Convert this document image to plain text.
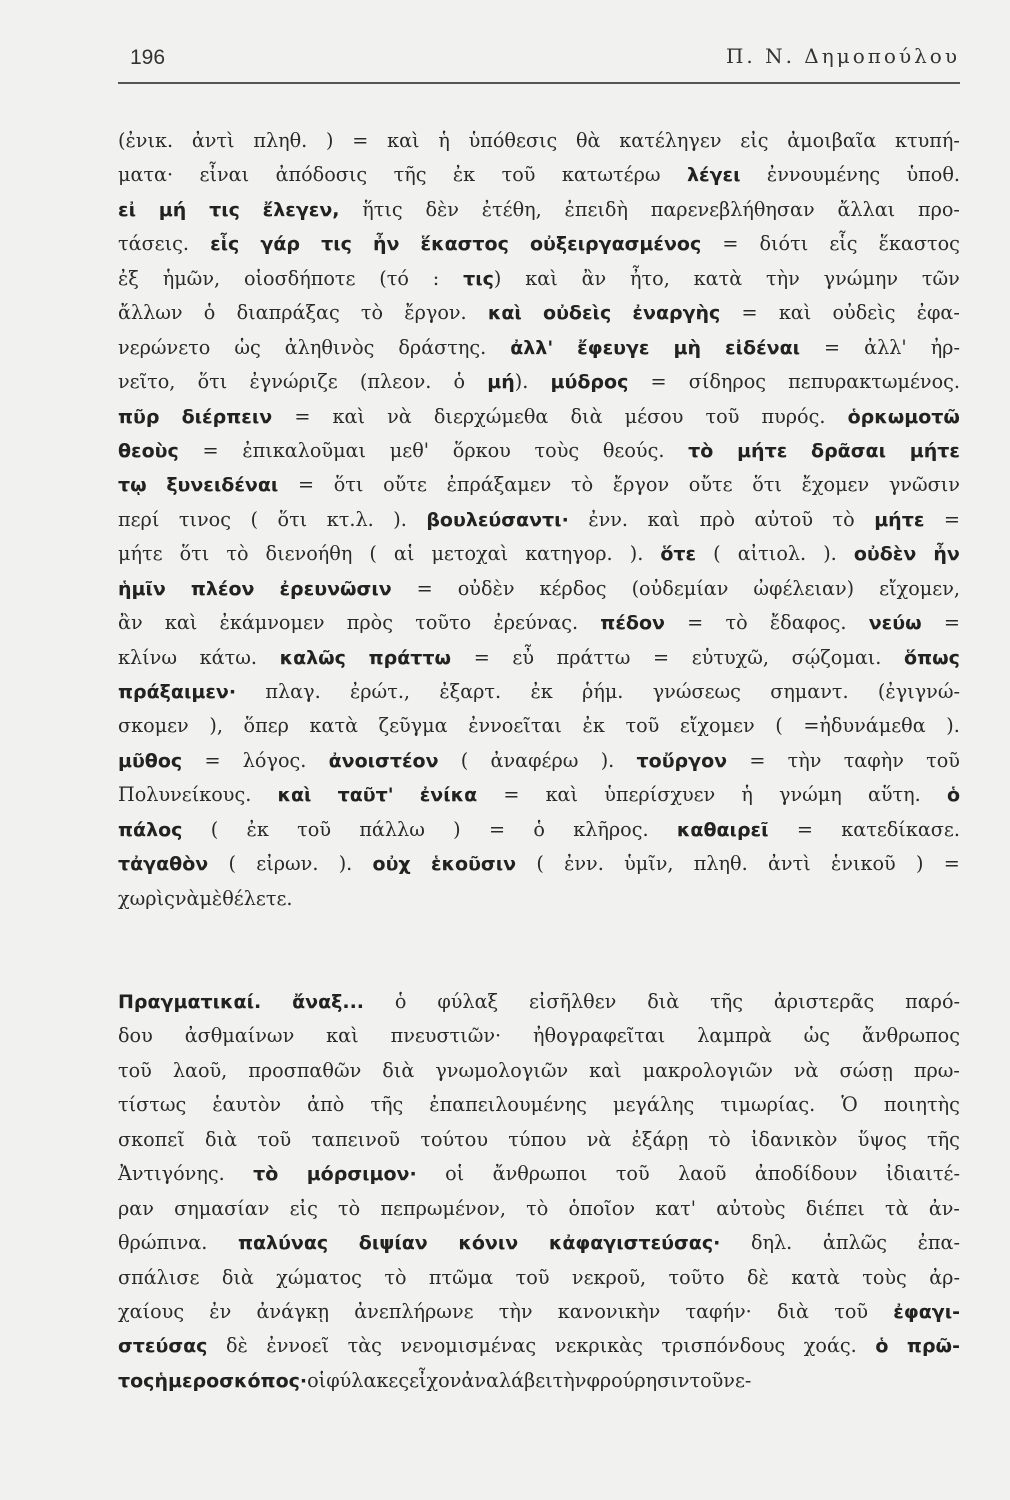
196	Π. Ν. Δημοπούλου
(ἐνικ. ἀντὶ πληθ. ) = καὶ ἡ ὑπόθεσις θὰ κατέληγεν εἰς ἀμοιβαῖα κτυπή-
ματα· εἶναι ἀπόδοσις τῆς ἐκ τοῦ κατωτέρω λέγει ἐννουμένης ὑποθ.
εἰ μή τις ἔλεγεν, ἥτις δὲν ἐτέθη, ἐπειδὴ παρενεβλήθησαν ἄλλαι προ-
τάσεις. εἷς γάρ τις ἦν ἕκαστος οὐξειργασμένος = διότι εἷς ἕκαστος
ἐξ ἡμῶν, οἱοσδήποτε (τό : τις) καὶ ἂν ἦτο, κατὰ τὴν γνώμην τῶν
ἄλλων ὁ διαπράξας τὸ ἔργον. καὶ οὐδεὶς ἐναργὴς = καὶ οὐδεὶς ἐφα-
νερώνετο ὡς ἀληθινὸς δράστης. ἀλλ' ἔφευγε μὴ εἰδέναι = ἀλλ' ἠρ-
νεῖτο, ὅτι ἐγνώριζε (πλεον. ὁ μή). μύδρος = σίδηρος πεπυρακτωμένος.
πῦρ διέρπειν = καὶ νὰ διερχώμεθα διὰ μέσου τοῦ πυρός. ὁρκωμοτῶ
θεοὺς = ἐπικαλοῦμαι μεθ' ὅρκου τοὺς θεούς. τὸ μήτε δρᾶσαι μήτε
τῳ ξυνειδέναι = ὅτι οὔτε ἐπράξαμεν τὸ ἔργον οὔτε ὅτι ἔχομεν γνῶσιν
περί τινος ( ὅτι κτ.λ. ). βουλεύσαντι· ἐνν. καὶ πρὸ αὐτοῦ τὸ μήτε =
μήτε ὅτι τὸ διενοήθη ( αἱ μετοχαὶ κατηγορ. ). ὅτε ( αἰτιολ. ). οὐδὲν ἦν
ἡμῖν πλέον ἐρευνῶσιν = οὐδὲν κέρδος (οὐδεμίαν ὠφέλειαν) εἴχομεν,
ἂν καὶ ἐκάμνομεν πρὸς τοῦτο ἐρεύνας. πέδον = τὸ ἔδαφος. νεύω =
κλίνω κάτω. καλῶς πράττω = εὖ πράττω = εὐτυχῶ, σῴζομαι. ὅπως
πράξαιμεν· πλαγ. ἐρώτ., ἐξαρτ. ἐκ ῥήμ. γνώσεως σημαντ. (ἐγιγνώ-
σκομεν ), ὅπερ κατὰ ζεῦγμα ἐννοεῖται ἐκ τοῦ εἴχομεν ( =ἠδυνάμεθα ).
μῦθος = λόγος. ἀνοιστέον ( ἀναφέρω ). τοὔργον = τὴν ταφὴν τοῦ
Πολυνείκους. καὶ ταῦτ' ἐνίκα = καὶ ὑπερίσχυεν ἡ γνώμη αὕτη. ὁ
πάλος ( ἐκ τοῦ πάλλω ) = ὁ κλῆρος. καθαιρεῖ = κατεδίκασε.
τἀγαθὸν ( εἰρων. ). οὐχ ἑκοῦσιν ( ἐνν. ὑμῖν, πληθ. ἀντὶ ἑνικοῦ ) =
χωρὶς νὰ μὲ θέλετε.
Πραγματικαί. ἄναξ... ὁ φύλαξ εἰσῆλθεν διὰ τῆς ἀριστερᾶς παρό-
δου ἀσθμαίνων καὶ πνευστιῶν· ἠθογραφεῖται λαμπρὰ ὡς ἄνθρωπος
τοῦ λαοῦ, προσπαθῶν διὰ γνωμολογιῶν καὶ μακρολογιῶν νὰ σώσῃ πρω-
τίστως ἑαυτὸν ἀπὸ τῆς ἐπαπειλουμένης μεγάλης τιμωρίας. Ὁ ποιητὴς
σκοπεῖ διὰ τοῦ ταπεινοῦ τούτου τύπου νὰ ἐξάρῃ τὸ ἰδανικὸν ὕψος τῆς
Ἀντιγόνης. τὸ μόρσιμον· οἱ ἄνθρωποι τοῦ λαοῦ ἀποδίδουν ἰδιαιτέ-
ραν σημασίαν εἰς τὸ πεπρωμένον, τὸ ὁποῖον κατ' αὐτοὺς διέπει τὰ ἀν-
θρώπινα. παλύνας διψίαν κόνιν κἀφαγιστεύσας· δηλ. ἁπλῶς ἐπα-
σπάλισε διὰ χώματος τὸ πτῶμα τοῦ νεκροῦ, τοῦτο δὲ κατὰ τοὺς ἀρ-
χαίους ἐν ἀνάγκῃ ἀνεπλήρωνε τὴν κανονικὴν ταφήν· διὰ τοῦ ἐφαγι-
στεύσας δὲ ἐννοεῖ τὰς νενομισμένας νεκρικὰς τρισπόνδους χοάς. ὁ πρῶ-
τος ἡμεροσκόπος· οἱ φύλακες εἶχον ἀναλάβει τὴν φρούρησιν τοῦ νε-
